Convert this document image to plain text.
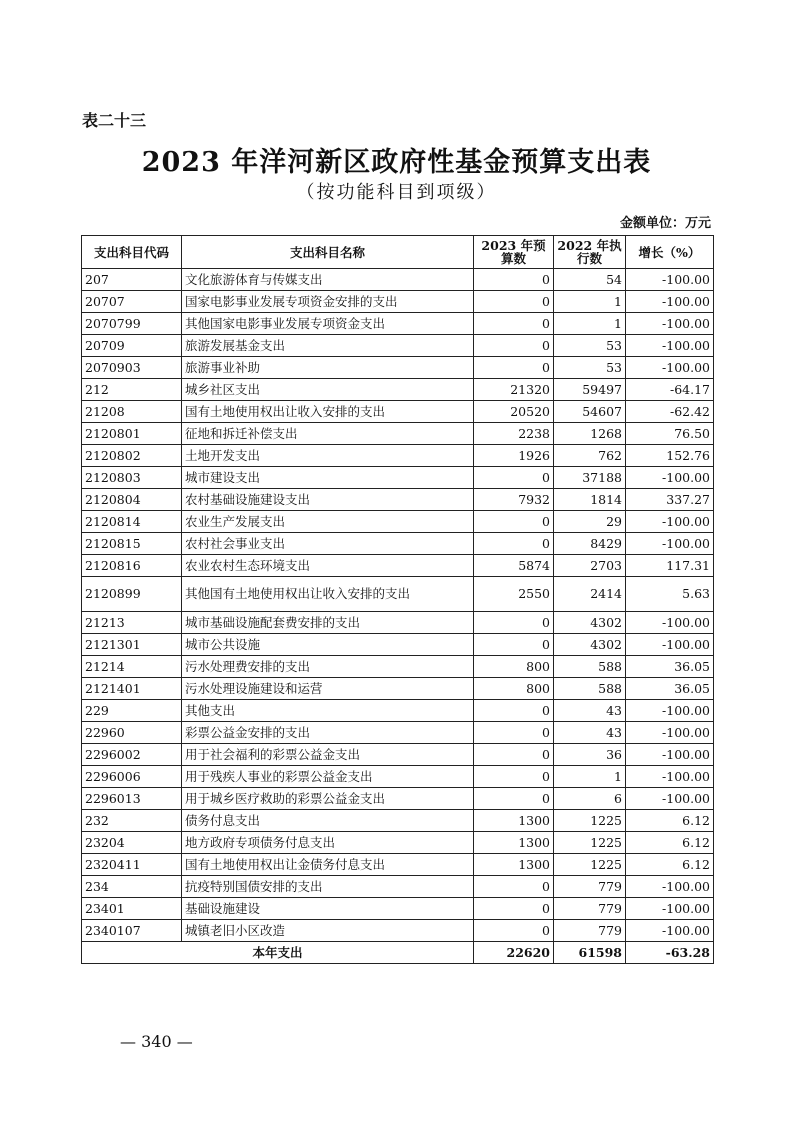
表二十三
2023 年洋河新区政府性基金预算支出表
（按功能科目到项级）
金额单位：万元
支出科目代码	支出科目名称	2023 年预算数	2022 年执行数	增长（%）
207	文化旅游体育与传媒支出	0	54	-100.00
20707	国家电影事业发展专项资金安排的支出	0	1	-100.00
2070799	其他国家电影事业发展专项资金支出	0	1	-100.00
20709	旅游发展基金支出	0	53	-100.00
2070903	旅游事业补助	0	53	-100.00
212	城乡社区支出	21320	59497	-64.17
21208	国有土地使用权出让收入安排的支出	20520	54607	-62.42
2120801	征地和拆迁补偿支出	2238	1268	76.50
2120802	土地开发支出	1926	762	152.76
2120803	城市建设支出	0	37188	-100.00
2120804	农村基础设施建设支出	7932	1814	337.27
2120814	农业生产发展支出	0	29	-100.00
2120815	农村社会事业支出	0	8429	-100.00
2120816	农业农村生态环境支出	5874	2703	117.31
2120899	其他国有土地使用权出让收入安排的支出	2550	2414	5.63
21213	城市基础设施配套费安排的支出	0	4302	-100.00
2121301	城市公共设施	0	4302	-100.00
21214	污水处理费安排的支出	800	588	36.05
2121401	污水处理设施建设和运营	800	588	36.05
229	其他支出	0	43	-100.00
22960	彩票公益金安排的支出	0	43	-100.00
2296002	用于社会福利的彩票公益金支出	0	36	-100.00
2296006	用于残疾人事业的彩票公益金支出	0	1	-100.00
2296013	用于城乡医疗救助的彩票公益金支出	0	6	-100.00
232	债务付息支出	1300	1225	6.12
23204	地方政府专项债务付息支出	1300	1225	6.12
2320411	国有土地使用权出让金债务付息支出	1300	1225	6.12
234	抗疫特别国债安排的支出	0	779	-100.00
23401	基础设施建设	0	779	-100.00
2340107	城镇老旧小区改造	0	779	-100.00
本年支出		22620	61598	-63.28
— 340 —
